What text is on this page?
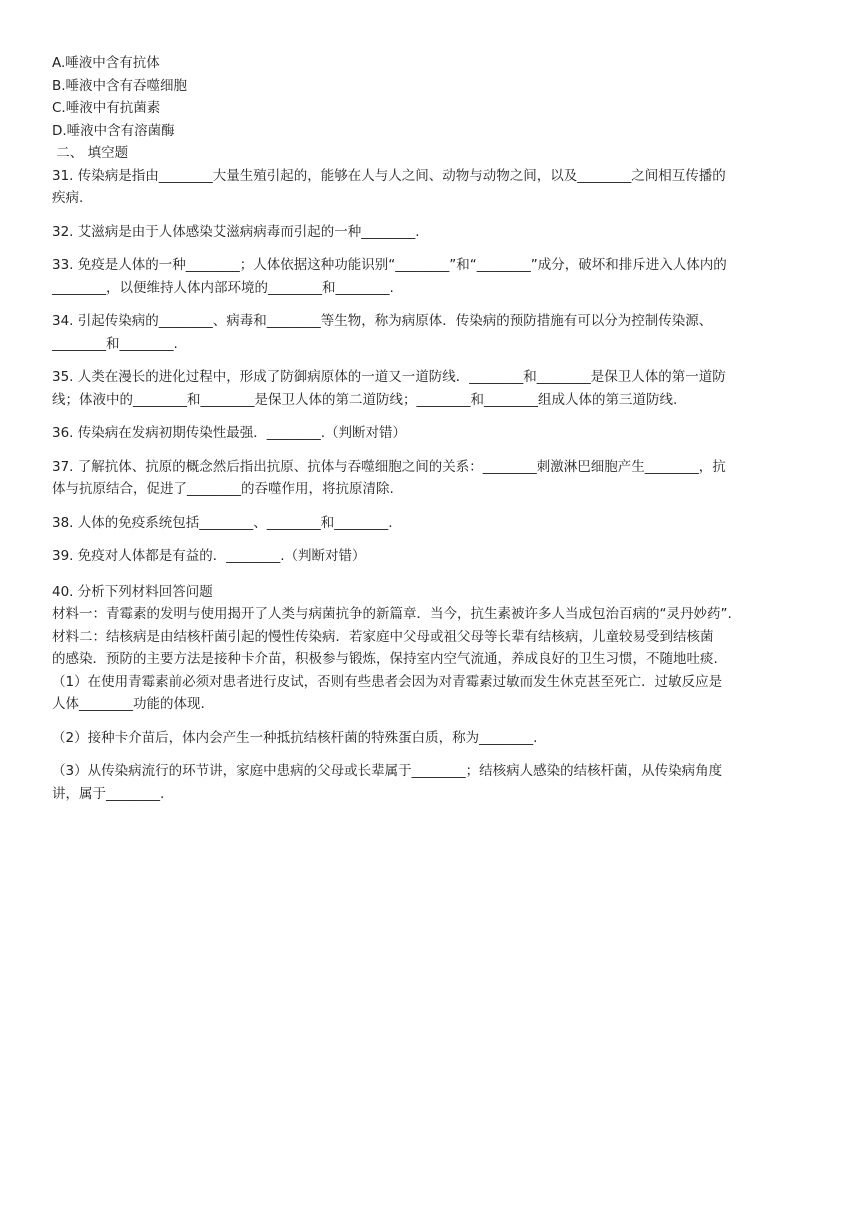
A.唾液中含有抗体
B.唾液中含有吞噬细胞
C.唾液中有抗菌素
D.唾液中含有溶菌酶
二、 填空题
31. 传染病是指由________大量生殖引起的，能够在人与人之间、动物与动物之间，以及________之间相互传播的
疾病.
32. 艾滋病是由于人体感染艾滋病病毒而引起的一种________.
33. 免疫是人体的一种________；人体依据这种功能识别“________”和“________”成分，破坏和排斥进入人体内的
________，以便维持人体内部环境的________和________.
34. 引起传染病的________、病毒和________等生物，称为病原体．传染病的预防措施有可以分为控制传染源、
________和________.
35. 人类在漫长的进化过程中，形成了防御病原体的一道又一道防线．________和________是保卫人体的第一道防
线；体液中的________和________是保卫人体的第二道防线；________和________组成人体的第三道防线.
36. 传染病在发病初期传染性最强．________.（判断对错）
37. 了解抗体、抗原的概念然后指出抗原、抗体与吞噬细胞之间的关系：________刺激淋巴细胞产生________，抗
体与抗原结合，促进了________的吞噬作用，将抗原清除.
38. 人体的免疫系统包括________、________和________.
39. 免疫对人体都是有益的．________.（判断对错）
40. 分析下列材料回答问题
材料一：青霉素的发明与使用揭开了人类与病菌抗争的新篇章．当今，抗生素被许多人当成包治百病的“灵丹妙药”.
材料二：结核病是由结核杆菌引起的慢性传染病．若家庭中父母或祖父母等长辈有结核病，儿童较易受到结核菌
的感染．预防的主要方法是接种卡介苗，积极参与锻炼，保持室内空气流通，养成良好的卫生习惯，不随地吐痰.
（1）在使用青霉素前必须对患者进行皮试，否则有些患者会因为对青霉素过敏而发生休克甚至死亡．过敏反应是
人体________功能的体现.
（2）接种卡介苗后，体内会产生一种抵抗结核杆菌的特殊蛋白质，称为________.
（3）从传染病流行的环节讲，家庭中患病的父母或长辈属于________；结核病人感染的结核杆菌，从传染病角度
讲，属于________.
